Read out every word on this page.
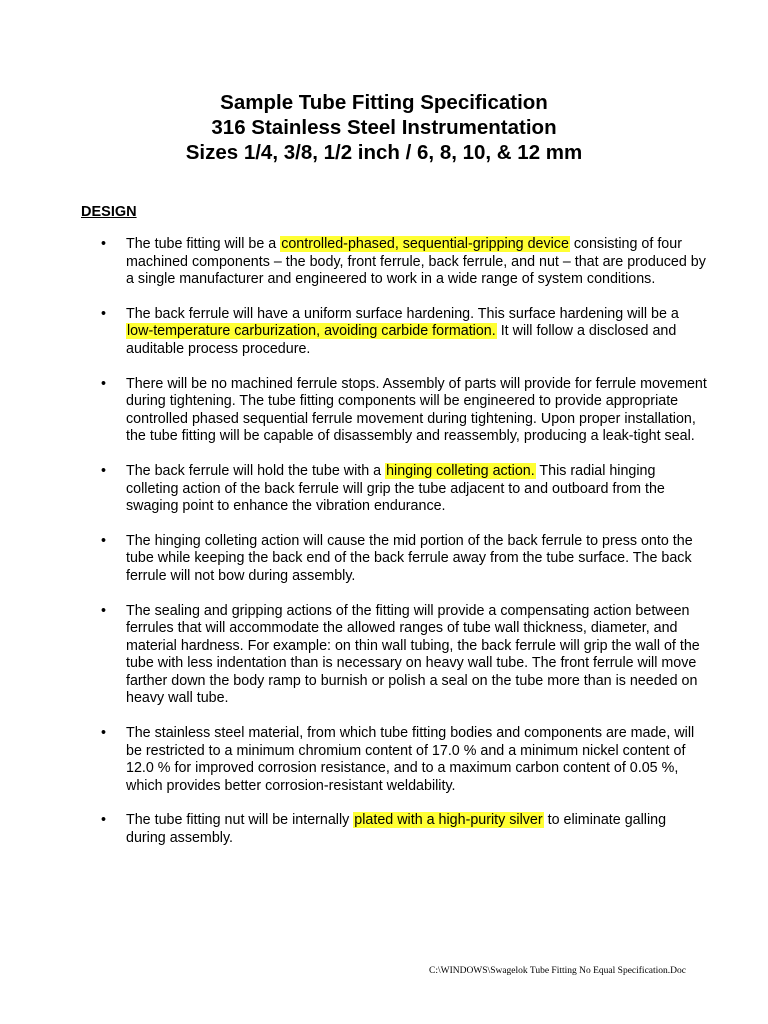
Sample Tube Fitting Specification

316 Stainless Steel Instrumentation

Sizes 1/4, 3/8, 1/2 inch / 6, 8, 10, & 12 mm

DESIGN

• The tube fitting will be a controlled-phased, sequential-gripping device consisting of four machined components – the body, front ferrule, back ferrule, and nut – that are produced by a single manufacturer and engineered to work in a wide range of system conditions.
• The back ferrule will have a uniform surface hardening. This surface hardening will be a low-temperature carburization, avoiding carbide formation. It will follow a disclosed and auditable process procedure.
• There will be no machined ferrule stops. Assembly of parts will provide for ferrule movement during tightening. The tube fitting components will be engineered to provide appropriate controlled phased sequential ferrule movement during tightening. Upon proper installation, the tube fitting will be capable of disassembly and reassembly, producing a leak-tight seal.
• The back ferrule will hold the tube with a hinging colleting action. This radial hinging colleting action of the back ferrule will grip the tube adjacent to and outboard from the swaging point to enhance the vibration endurance.
• The hinging colleting action will cause the mid portion of the back ferrule to press onto the tube while keeping the back end of the back ferrule away from the tube surface. The back ferrule will not bow during assembly.
• The sealing and gripping actions of the fitting will provide a compensating action between ferrules that will accommodate the allowed ranges of tube wall thickness, diameter, and material hardness. For example: on thin wall tubing, the back ferrule will grip the wall of the tube with less indentation than is necessary on heavy wall tube. The front ferrule will move farther down the body ramp to burnish or polish a seal on the tube more than is needed on heavy wall tube.
• The stainless steel material, from which tube fitting bodies and components are made, will be restricted to a minimum chromium content of 17.0 % and a minimum nickel content of 12.0 % for improved corrosion resistance, and to a maximum carbon content of 0.05 %, which provides better corrosion-resistant weldability.
• The tube fitting nut will be internally plated with a high-purity silver to eliminate galling during assembly.
C:\WINDOWS\Swagelok Tube Fitting No Equal Specification.Doc
